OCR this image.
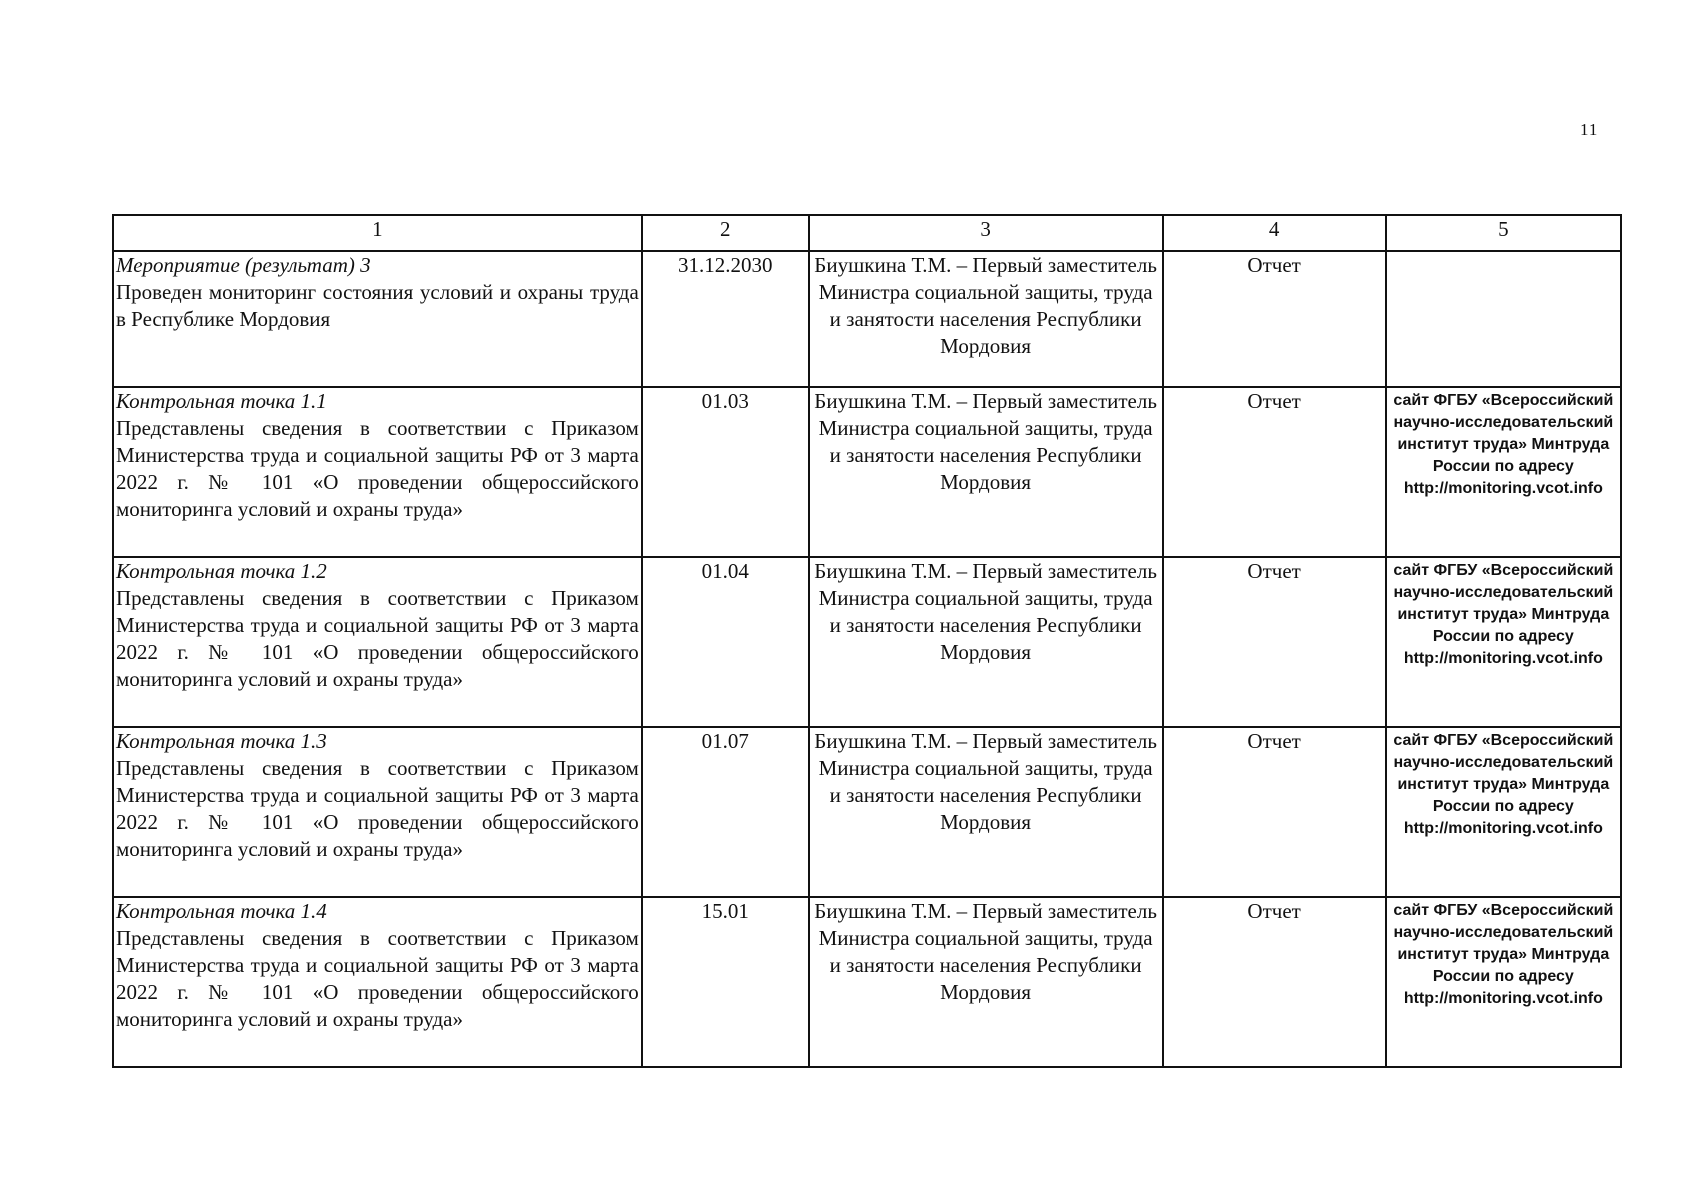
11
1	2	3	4	5

Мероприятие (результат) 3
Проведен мониторинг состояния условий и охраны труда в Республике Мордовия	31.12.2030	Биушкина Т.М. – Первый заместитель Министра социальной защиты, труда и занятости населения Республики Мордовия	Отчет	

Контрольная точка 1.1
Представлены сведения в соответствии с Приказом Министерства труда и социальной защиты РФ от 3 марта 2022 г. № 101 «О проведении общероссийского мониторинга условий и охраны труда»	01.03	Биушкина Т.М. – Первый заместитель Министра социальной защиты, труда и занятости населения Республики Мордовия	Отчет	сайт ФГБУ «Всероссийский научно-исследовательский институт труда» Минтруда России по адресу http://monitoring.vcot.info

Контрольная точка 1.2
Представлены сведения в соответствии с Приказом Министерства труда и социальной защиты РФ от 3 марта 2022 г. № 101 «О проведении общероссийского мониторинга условий и охраны труда»	01.04	Биушкина Т.М. – Первый заместитель Министра социальной защиты, труда и занятости населения Республики Мордовия	Отчет	сайт ФГБУ «Всероссийский научно-исследовательский институт труда» Минтруда России по адресу http://monitoring.vcot.info

Контрольная точка 1.3
Представлены сведения в соответствии с Приказом Министерства труда и социальной защиты РФ от 3 марта 2022 г. № 101 «О проведении общероссийского мониторинга условий и охраны труда»	01.07	Биушкина Т.М. – Первый заместитель Министра социальной защиты, труда и занятости населения Республики Мордовия	Отчет	сайт ФГБУ «Всероссийский научно-исследовательский институт труда» Минтруда России по адресу http://monitoring.vcot.info

Контрольная точка 1.4
Представлены сведения в соответствии с Приказом Министерства труда и социальной защиты РФ от 3 марта 2022 г. № 101 «О проведении общероссийского мониторинга условий и охраны труда»	15.01	Биушкина Т.М. – Первый заместитель Министра социальной защиты, труда и занятости населения Республики Мордовия	Отчет	сайт ФГБУ «Всероссийский научно-исследовательский институт труда» Минтруда России по адресу http://monitoring.vcot.info
